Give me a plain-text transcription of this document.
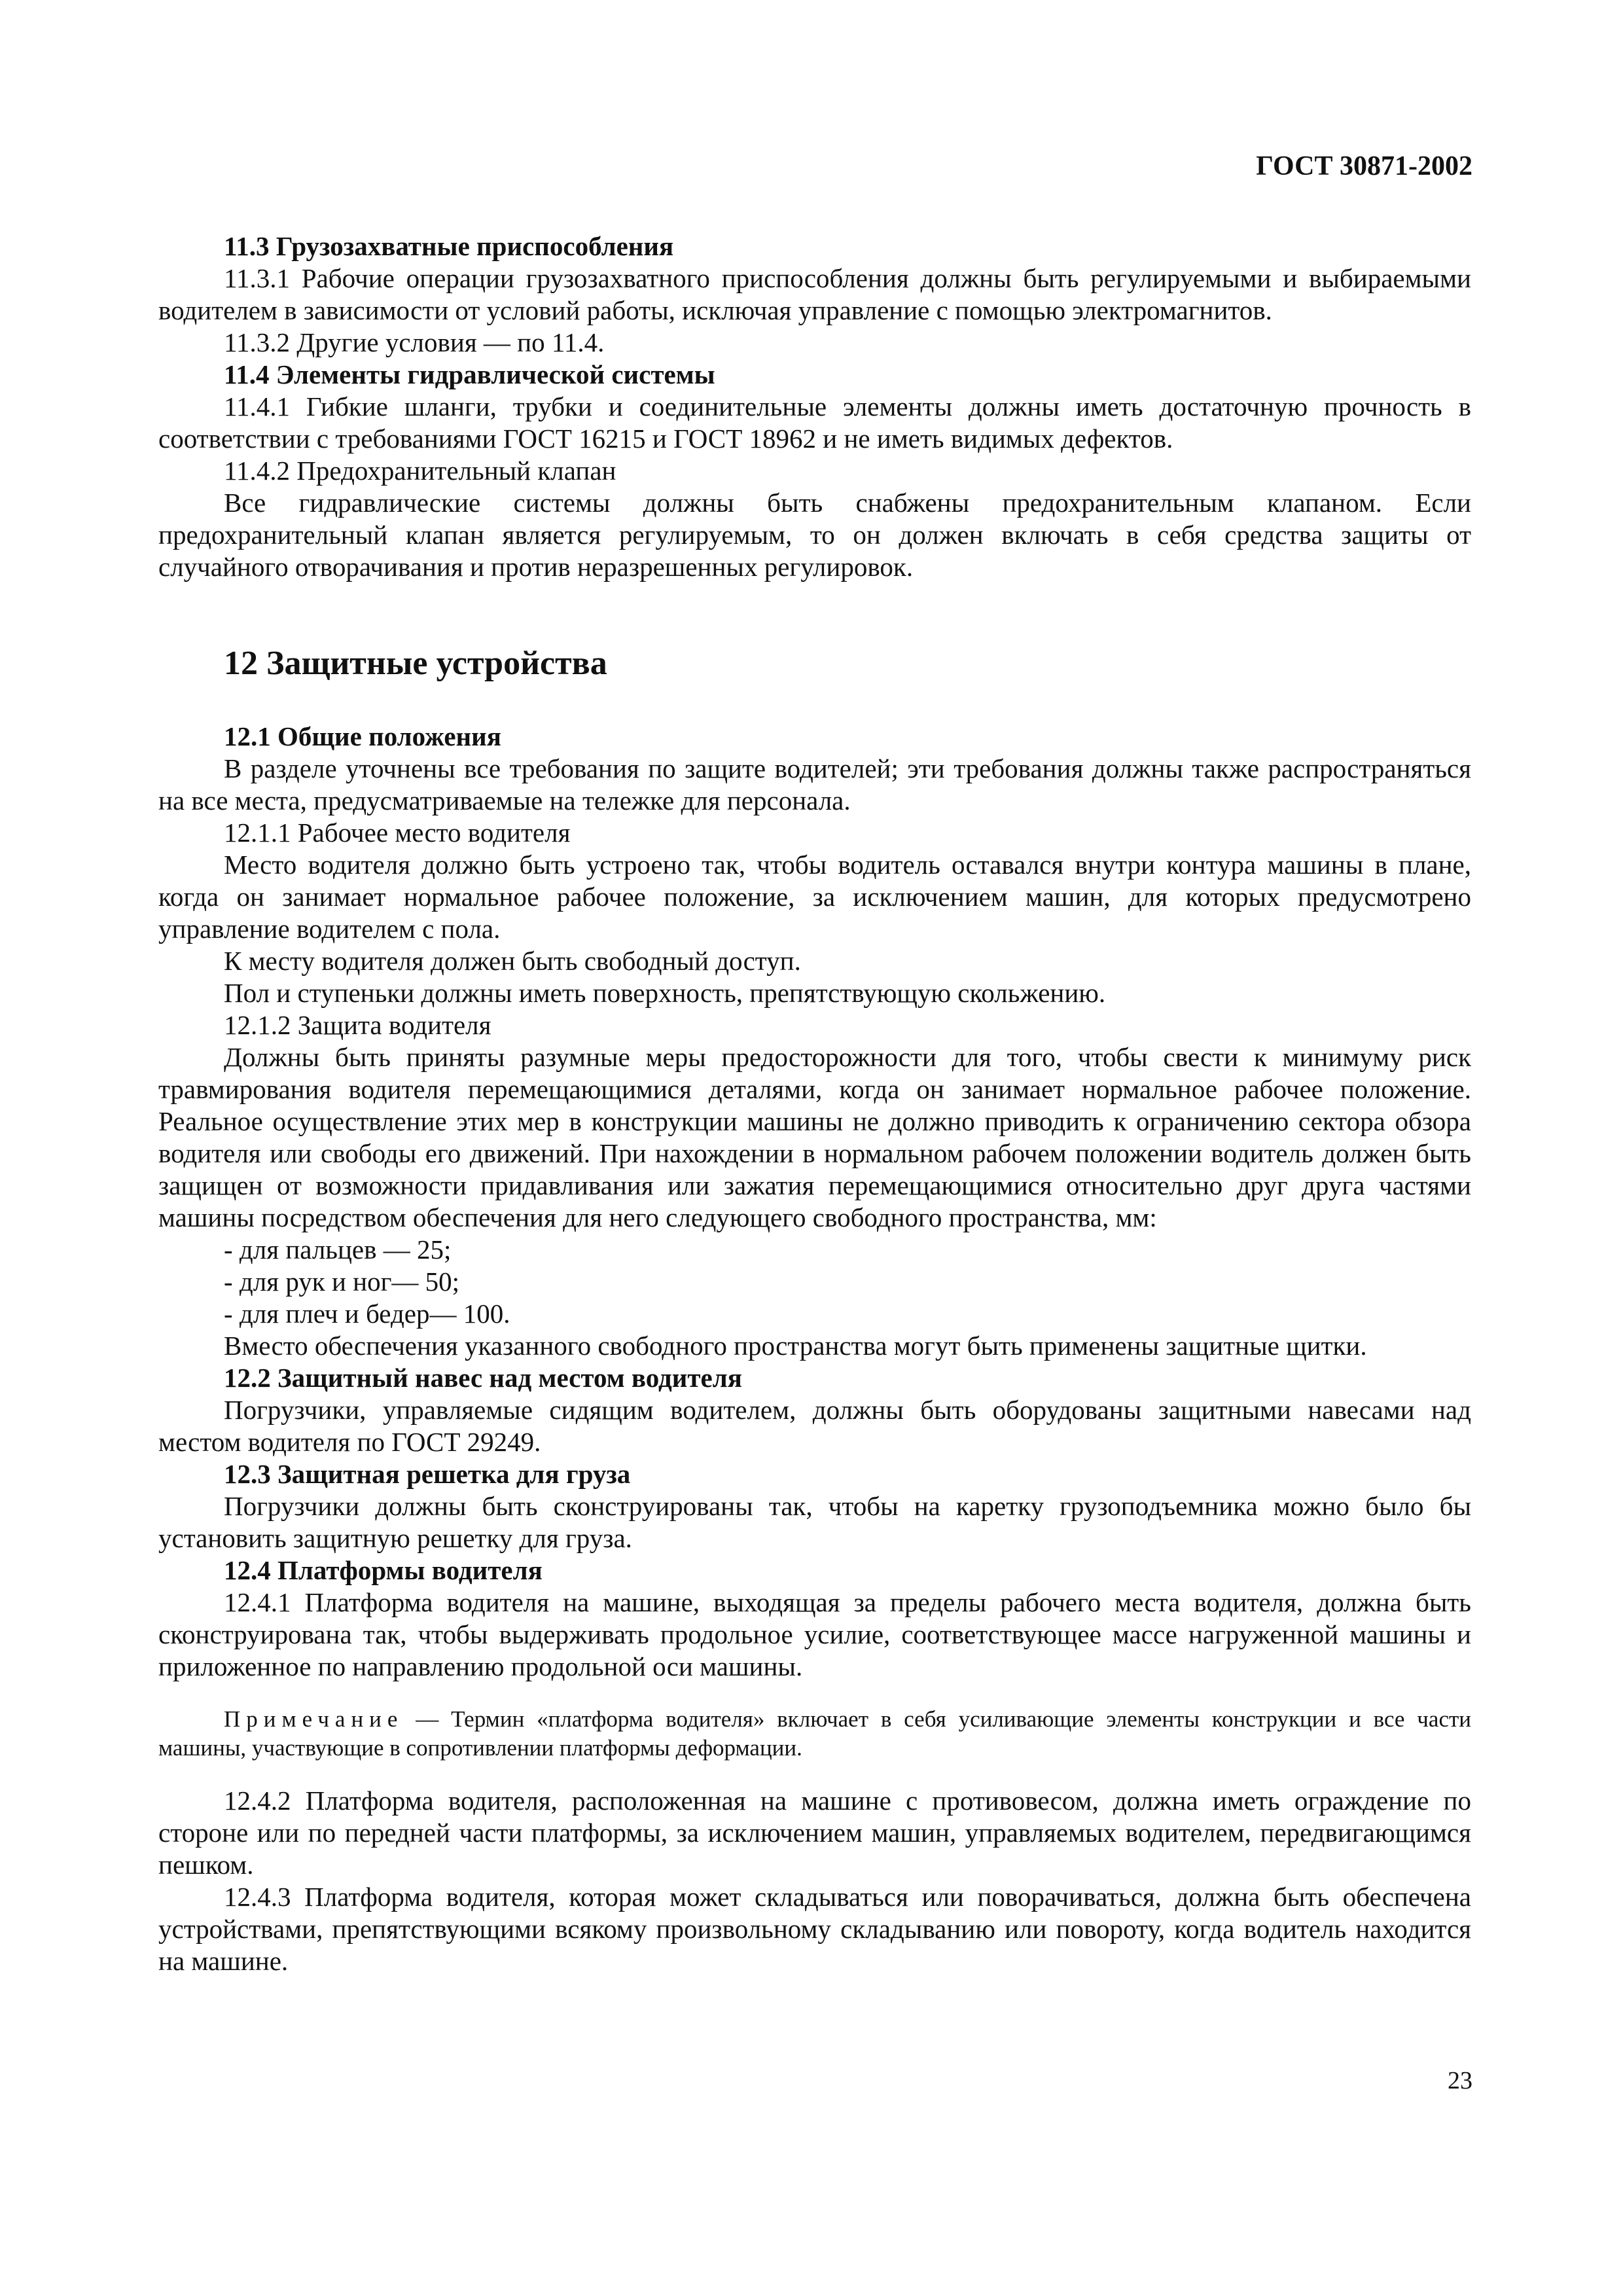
ГОСТ 30871-2002

11.3 Грузозахватные приспособления

11.3.1 Рабочие операции грузозахватного приспособления должны быть регулируемыми и выбираемыми водителем в зависимости от условий работы, исключая управление с помощью электромагнитов.

11.3.2 Другие условия — по 11.4.

11.4 Элементы гидравлической системы

11.4.1 Гибкие шланги, трубки и соединительные элементы должны иметь достаточную прочность в соответствии с требованиями ГОСТ 16215 и ГОСТ 18962 и не иметь видимых дефектов.

11.4.2 Предохранительный клапан

Все гидравлические системы должны быть снабжены предохранительным клапаном. Если предохранительный клапан является регулируемым, то он должен включать в себя средства защиты от случайного отворачивания и против неразрешенных регулировок.

12 Защитные устройства

12.1 Общие положения

В разделе уточнены все требования по защите водителей; эти требования должны также распространяться на все места, предусматриваемые на тележке для персонала.

12.1.1 Рабочее место водителя

Место водителя должно быть устроено так, чтобы водитель оставался внутри контура машины в плане, когда он занимает нормальное рабочее положение, за исключением машин, для которых предусмотрено управление водителем с пола.

К месту водителя должен быть свободный доступ.

Пол и ступеньки должны иметь поверхность, препятствующую скольжению.

12.1.2 Защита водителя

Должны быть приняты разумные меры предосторожности для того, чтобы свести к минимуму риск травмирования водителя перемещающимися деталями, когда он занимает нормальное рабочее положение. Реальное осуществление этих мер в конструкции машины не должно приводить к ограничению сектора обзора водителя или свободы его движений. При нахождении в нормальном рабочем положении водитель должен быть защищен от возможности придавливания или зажатия перемещающимися относительно друг друга частями машины посредством обеспечения для него следующего свободного пространства, мм:

- для пальцев — 25;

- для рук и ног— 50;

- для плеч и бедер— 100.

Вместо обеспечения указанного свободного пространства могут быть применены защитные щитки.

12.2 Защитный навес над местом водителя

Погрузчики, управляемые сидящим водителем, должны быть оборудованы защитными навесами над местом водителя по ГОСТ 29249.

12.3 Защитная решетка для груза

Погрузчики должны быть сконструированы так, чтобы на каретку грузоподъемника можно было бы установить защитную решетку для груза.

12.4 Платформы водителя

12.4.1 Платформа водителя на машине, выходящая за пределы рабочего места водителя, должна быть сконструирована так, чтобы выдерживать продольное усилие, соответствующее массе нагруженной машины и приложенное по направлению продольной оси машины.

Примечание — Термин «платформа водителя» включает в себя усиливающие элементы конструкции и все части машины, участвующие в сопротивлении платформы деформации.

12.4.2 Платформа водителя, расположенная на машине с противовесом, должна иметь ограждение по стороне или по передней части платформы, за исключением машин, управляемых водителем, передвигающимся пешком.

12.4.3 Платформа водителя, которая может складываться или поворачиваться, должна быть обеспечена устройствами, препятствующими всякому произвольному складыванию или повороту, когда водитель находится на машине.

23
